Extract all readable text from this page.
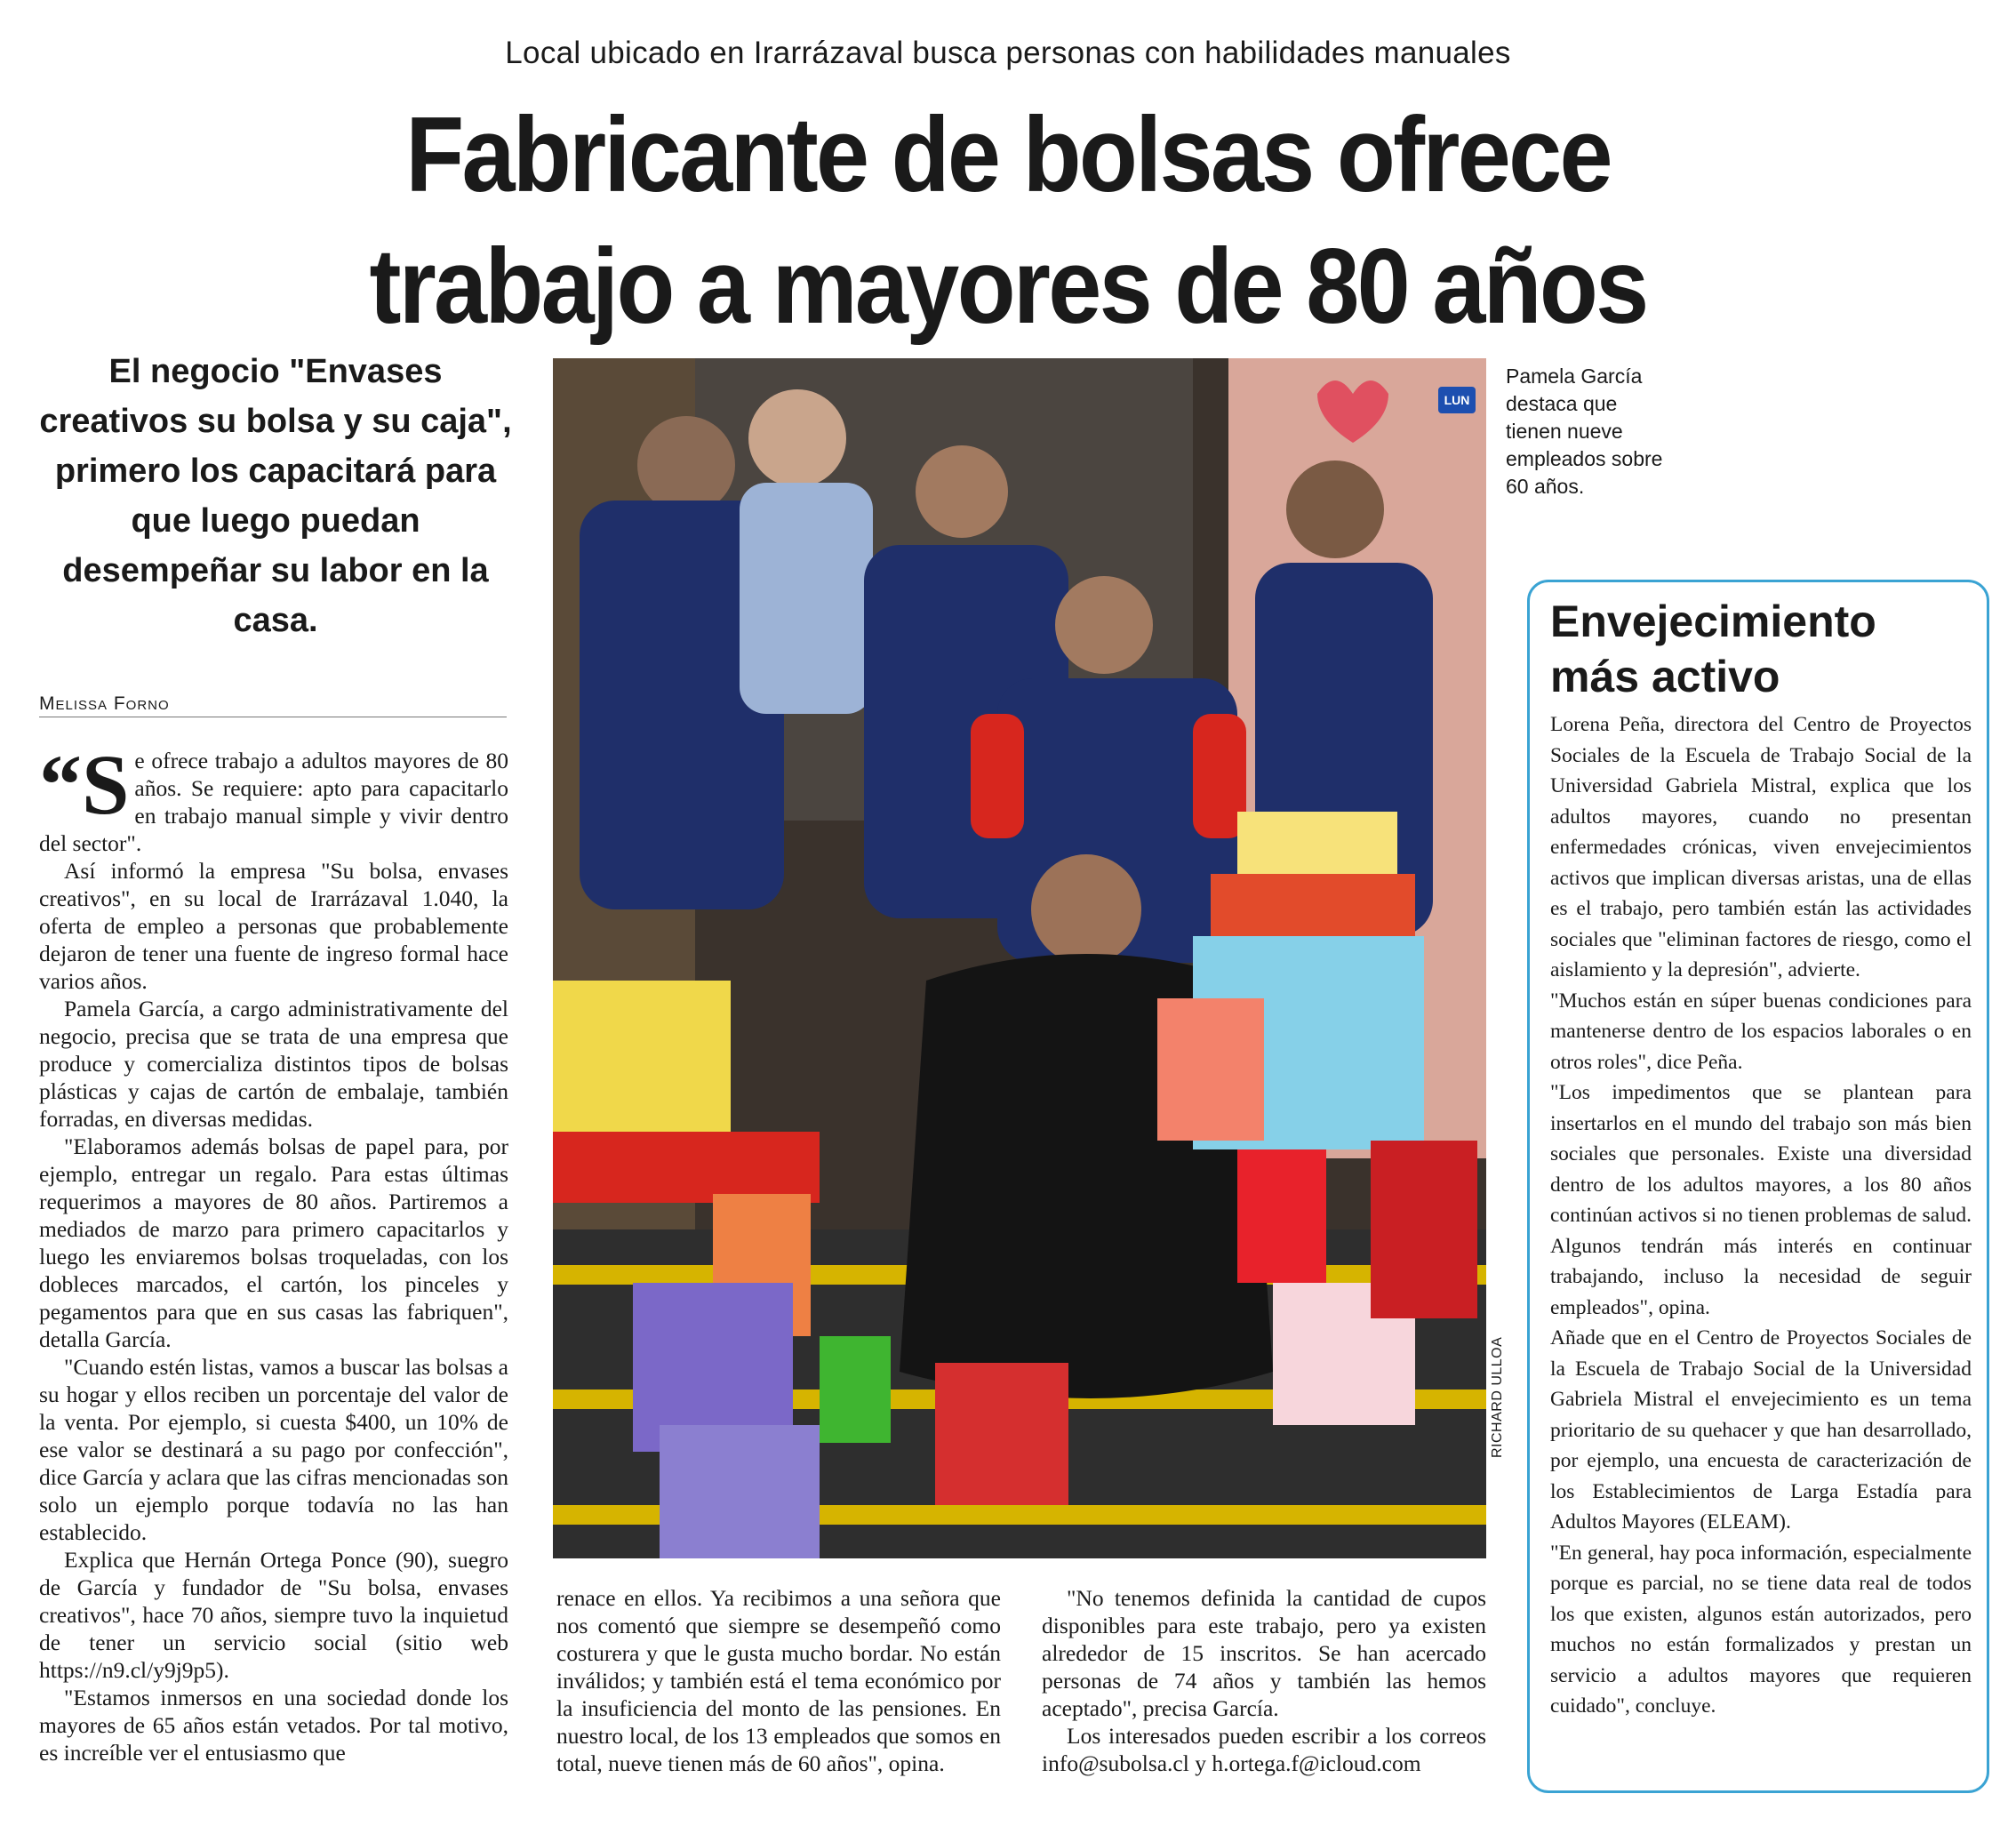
Local ubicado en Irarrázaval busca personas con habilidades manuales
Fabricante de bolsas ofrece
trabajo a mayores de 80 años
El negocio "Envases creativos su bolsa y su caja", primero los capacitará para que luego puedan desempeñar su labor en la casa.
Melissa Forno

“Se ofrece trabajo a adultos mayores de 80 años. Se requiere: apto para capacitarlo en trabajo manual simple y vivir dentro del sector".

Así informó la empresa "Su bolsa, envases creativos", en su local de Irarrázaval 1.040, la oferta de empleo a personas que probablemente dejaron de tener una fuente de ingreso formal hace varios años.

Pamela García, a cargo administrativamente del negocio, precisa que se trata de una empresa que produce y comercializa distintos tipos de bolsas plásticas y cajas de cartón de embalaje, también forradas, en diversas medidas.

"Elaboramos además bolsas de papel para, por ejemplo, entregar un regalo. Para estas últimas requerimos a mayores de 80 años. Partiremos a mediados de marzo para primero capacitarlos y luego les enviaremos bolsas troqueladas, con los dobleces marcados, el cartón, los pinceles y pegamentos para que en sus casas las fabriquen", detalla García.

"Cuando estén listas, vamos a buscar las bolsas a su hogar y ellos reciben un porcentaje del valor de la venta. Por ejemplo, si cuesta $400, un 10% de ese valor se destinará a su pago por confección", dice García y aclara que las cifras mencionadas son solo un ejemplo porque todavía no las han establecido.

Explica que Hernán Ortega Ponce (90), suegro de García y fundador de "Su bolsa, envases creativos", hace 70 años, siempre tuvo la inquietud de tener un servicio social (sitio web https://n9.cl/y9j9p5).

"Estamos inmersos en una sociedad donde los mayores de 65 años están vetados. Por tal motivo, es increíble ver el entusiasmo que

LUN
RICHARD ULLOA
Pamela García destaca que tienen nueve empleados sobre 60 años.
Envejecimiento más activo

Lorena Peña, directora del Centro de Proyectos Sociales de la Escuela de Trabajo Social de la Universidad Gabriela Mistral, explica que los adultos mayores, cuando no presentan enfermedades crónicas, viven envejecimientos activos que implican diversas aristas, una de ellas es el trabajo, pero también están las actividades sociales que "eliminan factores de riesgo, como el aislamiento y la depresión", advierte.

"Muchos están en súper buenas condiciones para mantenerse dentro de los espacios laborales o en otros roles", dice Peña.

"Los impedimentos que se plantean para insertarlos en el mundo del trabajo son más bien sociales que personales. Existe una diversidad dentro de los adultos mayores, a los 80 años continúan activos si no tienen problemas de salud. Algunos tendrán más interés en continuar trabajando, incluso la necesidad de seguir empleados", opina.

Añade que en el Centro de Proyectos Sociales de la Escuela de Trabajo Social de la Universidad Gabriela Mistral el envejecimiento es un tema prioritario de su quehacer y que han desarrollado, por ejemplo, una encuesta de caracterización de los Establecimientos de Larga Estadía para Adultos Mayores (ELEAM).

"En general, hay poca información, especialmente porque es parcial, no se tiene data real de todos los que existen, algunos están autorizados, pero muchos no están formalizados y prestan un servicio a adultos mayores que requieren cuidado", concluye.

renace en ellos. Ya recibimos a una señora que nos comentó que siempre se desempeñó como costurera y que le gusta mucho bordar. No están inválidos; y también está el tema económico por la insuficiencia del monto de las pensiones. En nuestro local, de los 13 empleados que somos en total, nueve tienen más de 60 años", opina.

"No tenemos definida la cantidad de cupos disponibles para este trabajo, pero ya existen alrededor de 15 inscritos. Se han acercado personas de 74 años y también las hemos aceptado", precisa García.

Los interesados pueden escribir a los correos info@subolsa.cl y h.ortega.f@icloud.com
